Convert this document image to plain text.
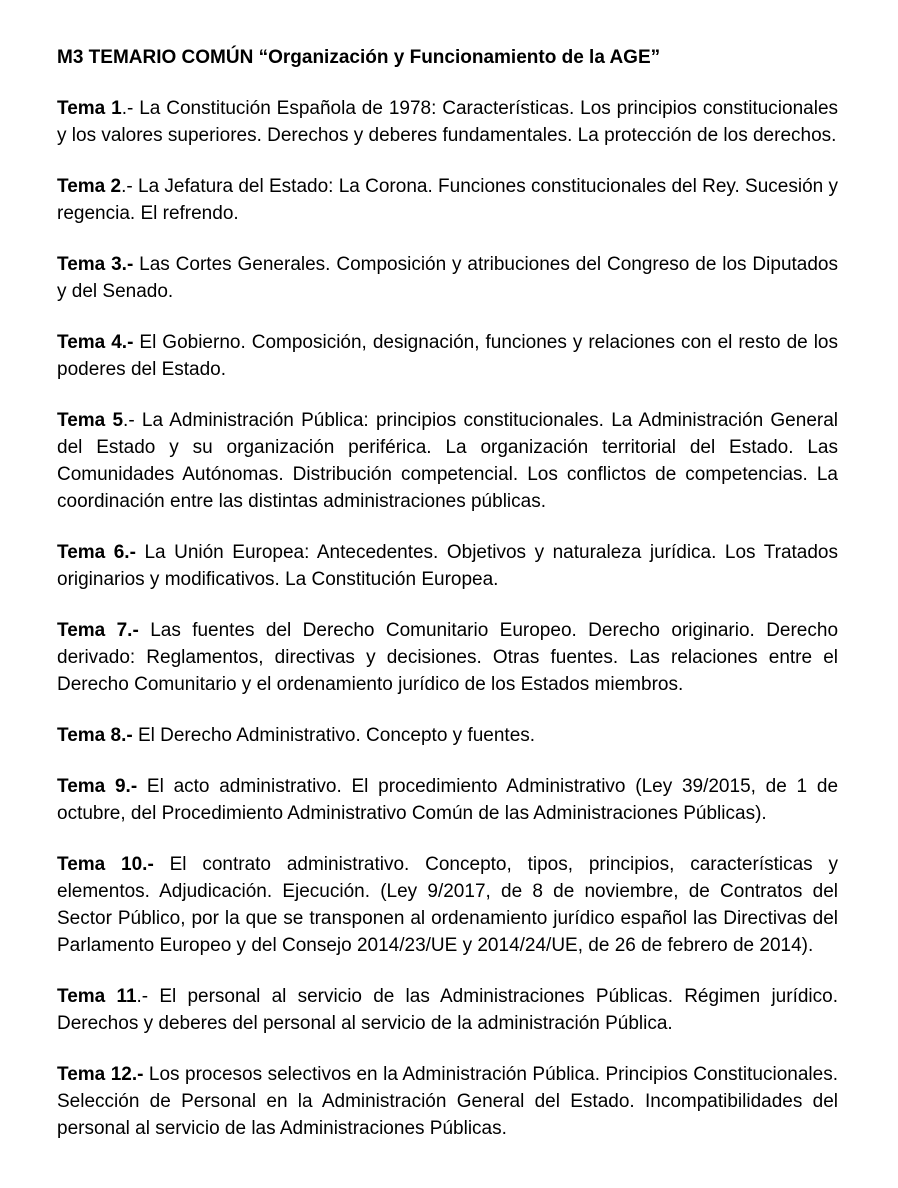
M3 TEMARIO COMÚN “Organización y Funcionamiento de la AGE”

Tema 1.- La Constitución Española de 1978: Características. Los principios constitucionales y los valores superiores. Derechos y deberes fundamentales. La protección de los derechos.

Tema 2.- La Jefatura del Estado: La Corona. Funciones constitucionales del Rey. Sucesión y regencia. El refrendo.

Tema 3.- Las Cortes Generales. Composición y atribuciones del Congreso de los Diputados y del Senado.

Tema 4.- El Gobierno. Composición, designación, funciones y relaciones con el resto de los poderes del Estado.

Tema 5.- La Administración Pública: principios constitucionales. La Administración General del Estado y su organización periférica. La organización territorial del Estado. Las Comunidades Autónomas. Distribución competencial. Los conflictos de competencias. La coordinación entre las distintas administraciones públicas.

Tema 6.- La Unión Europea: Antecedentes. Objetivos y naturaleza jurídica. Los Tratados originarios y modificativos. La Constitución Europea.

Tema 7.- Las fuentes del Derecho Comunitario Europeo. Derecho originario. Derecho derivado: Reglamentos, directivas y decisiones. Otras fuentes. Las relaciones entre el Derecho Comunitario y el ordenamiento jurídico de los Estados miembros.

Tema 8.- El Derecho Administrativo. Concepto y fuentes.

Tema 9.- El acto administrativo. El procedimiento Administrativo (Ley 39/2015, de 1 de octubre, del Procedimiento Administrativo Común de las Administraciones Públicas).

Tema 10.- El contrato administrativo. Concepto, tipos, principios, características y elementos. Adjudicación. Ejecución. (Ley 9/2017, de 8 de noviembre, de Contratos del Sector Público, por la que se transponen al ordenamiento jurídico español las Directivas del Parlamento Europeo y del Consejo 2014/23/UE y 2014/24/UE, de 26 de febrero de 2014).

Tema 11.- El personal al servicio de las Administraciones Públicas. Régimen jurídico. Derechos y deberes del personal al servicio de la administración Pública.

Tema 12.- Los procesos selectivos en la Administración Pública. Principios Constitucionales. Selección de Personal en la Administración General del Estado. Incompatibilidades del personal al servicio de las Administraciones Públicas.
